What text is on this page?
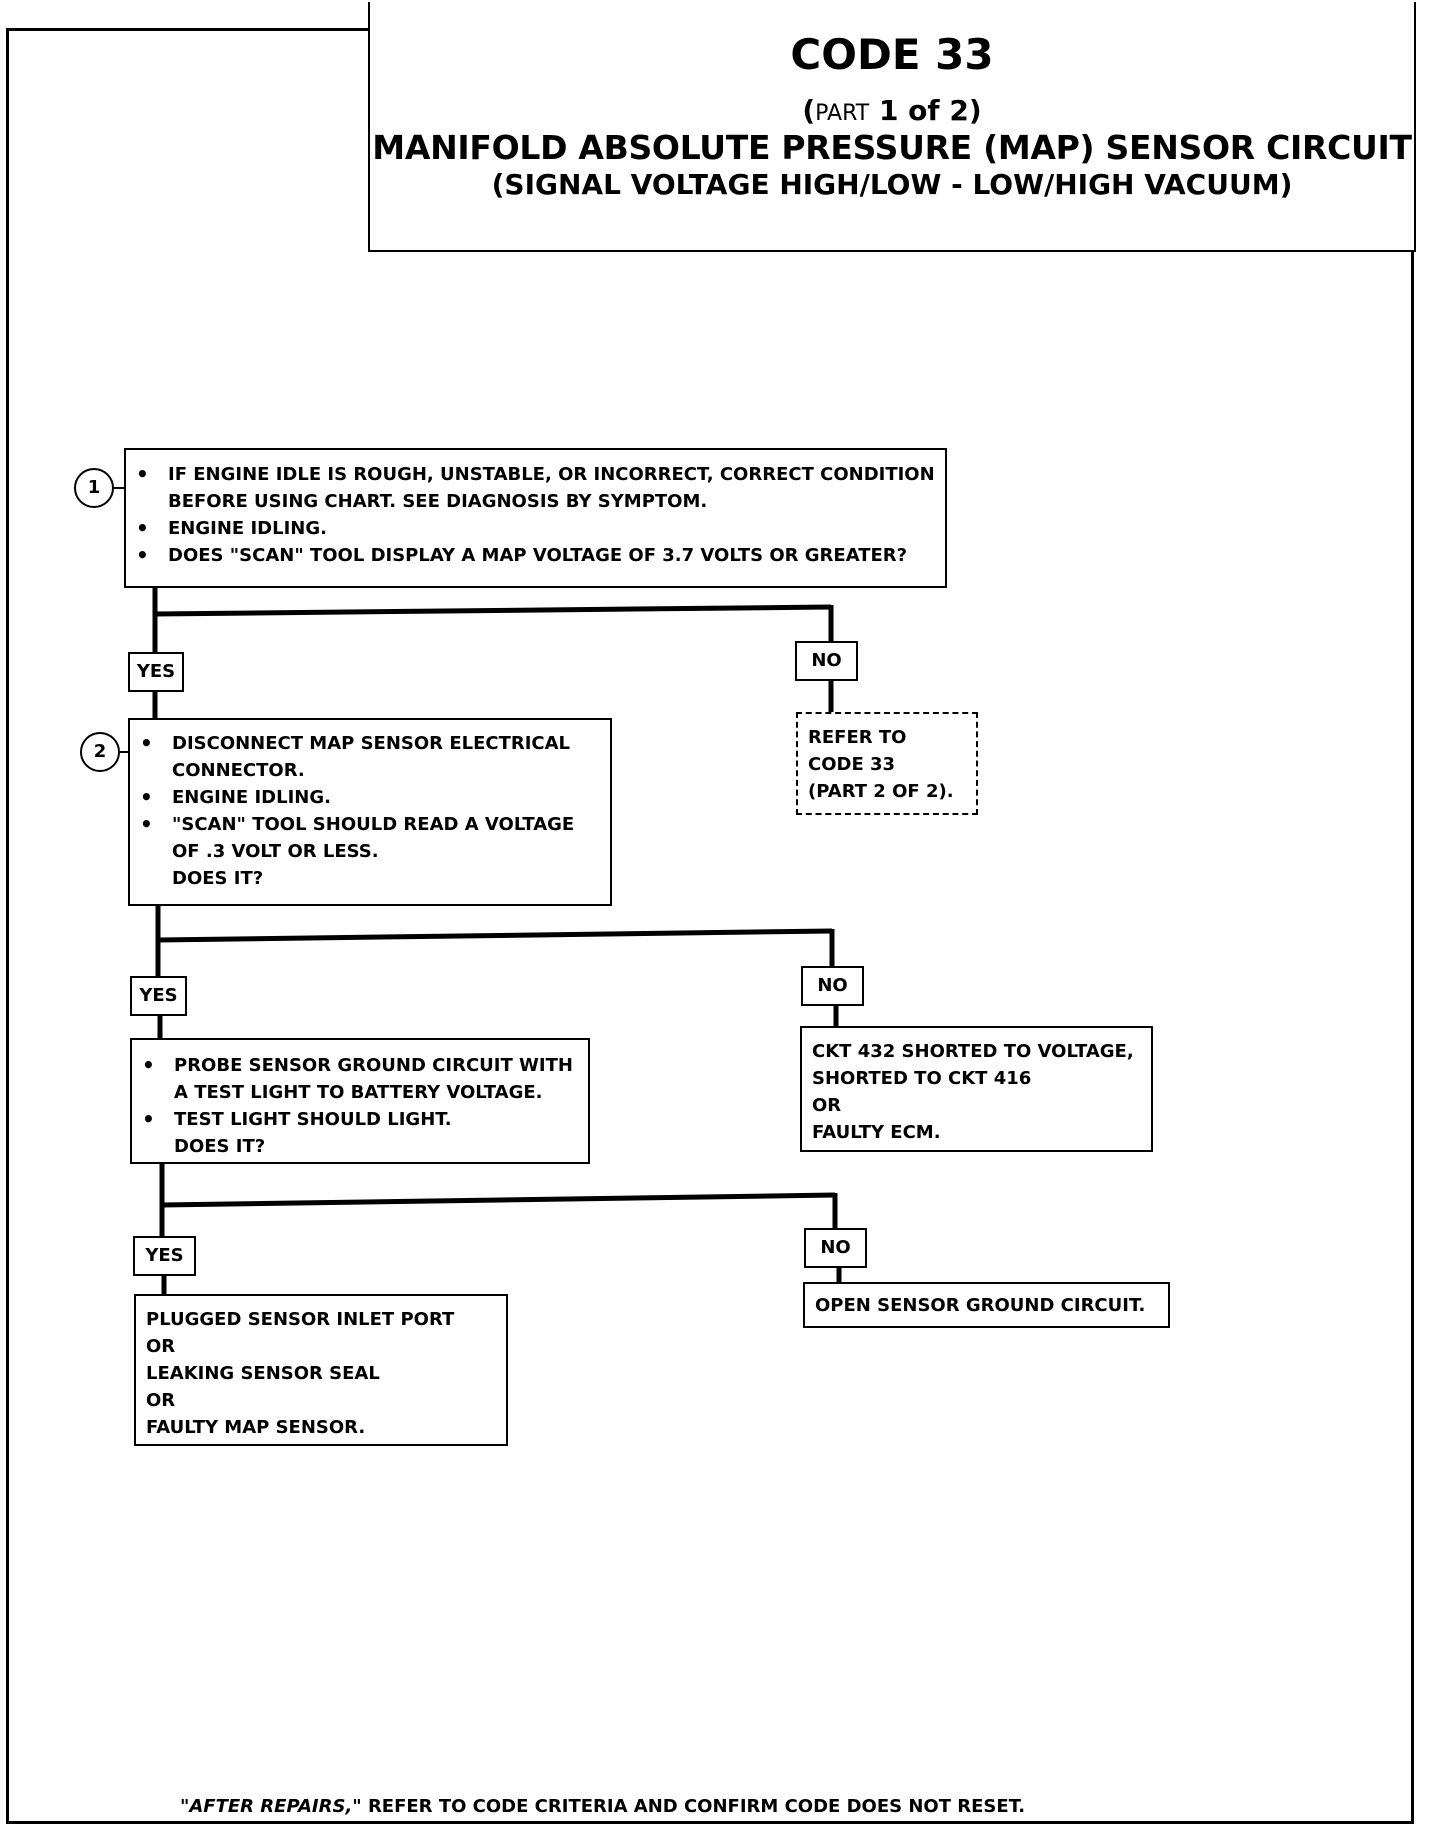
CODE 33
(PART 1 of 2)
MANIFOLD ABSOLUTE PRESSURE (MAP) SENSOR CIRCUIT
(SIGNAL VOLTAGE HIGH/LOW - LOW/HIGH VACUUM)
1
• IF ENGINE IDLE IS ROUGH, UNSTABLE, OR INCORRECT, CORRECT CONDITION
BEFORE USING CHART. SEE DIAGNOSIS BY SYMPTOM.
• ENGINE IDLING.
• DOES "SCAN" TOOL DISPLAY A MAP VOLTAGE OF 3.7 VOLTS OR GREATER?
YES
NO
REFER TO
CODE 33
(PART 2 OF 2).
2
•	DISCONNECT MAP SENSOR ELECTRICAL
CONNECTOR.
• ENGINE IDLING.
• "SCAN" TOOL SHOULD READ A VOLTAGE
OF .3 VOLT OR LESS.
DOES IT?
YES	NO
CKT 432 SHORTED TO VOLTAGE,
SHORTED TO CKT 416
OR
FAULTY ECM.
• PROBE SENSOR GROUND CIRCUIT WITH
A TEST LIGHT TO BATTERY VOLTAGE.
• TEST LIGHT SHOULD LIGHT.
DOES IT?
YES	NO
OPEN SENSOR GROUND CIRCUIT.
PLUGGED SENSOR INLET PORT
OR
LEAKING SENSOR SEAL
OR
FAULTY MAP SENSOR.
"AFTER REPAIRS," REFER TO CODE CRITERIA AND CONFIRM CODE DOES NOT RESET.
